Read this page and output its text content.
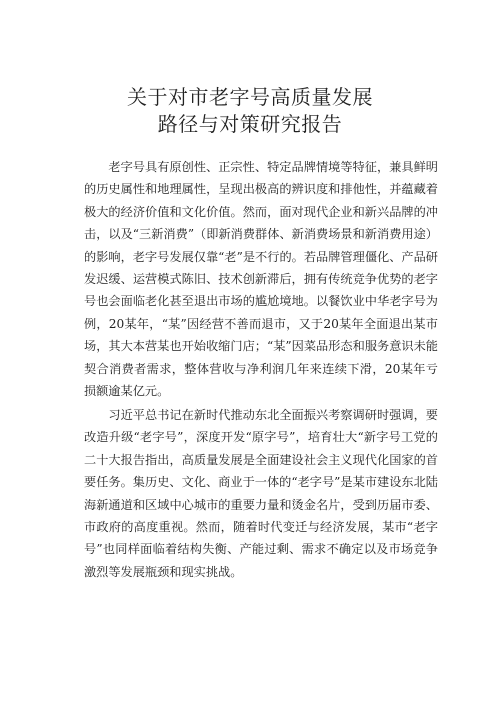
关于对市老字号高质量发展
路径与对策研究报告

老字号具有原创性、正宗性、特定品牌情境等特征，兼具鲜明的历史属性和地理属性，呈现出极高的辨识度和排他性，并蕴藏着极大的经济价值和文化价值。然而，面对现代企业和新兴品牌的冲击，以及“三新消费”（即新消费群体、新消费场景和新消费用途）的影响，老字号发展仅靠“老”是不行的。若品牌管理僵化、产品研发迟缓、运营模式陈旧、技术创新滞后，拥有传统竞争优势的老字号也会面临老化甚至退出市场的尴尬境地。以餐饮业中华老字号为例，20某年，“某”因经营不善而退市，又于20某年全面退出某市场，其大本营某也开始收缩门店；“某”因菜品形态和服务意识未能契合消费者需求，整体营收与净利润几年来连续下滑，20某年亏损额逾某亿元。

习近平总书记在新时代推动东北全面振兴考察调研时强调，要改造升级“老字号”，深度开发“原字号”，培育壮大“新字号工党的二十大报告指出，高质量发展是全面建设社会主义现代化国家的首要任务。集历史、文化、商业于一体的“老字号”是某市建设东北陆海新通道和区域中心城市的重要力量和烫金名片，受到历届市委、市政府的高度重视。然而，随着时代变迁与经济发展，某市“老字号”也同样面临着结构失衡、产能过剩、需求不确定以及市场竞争激烈等发展瓶颈和现实挑战。
